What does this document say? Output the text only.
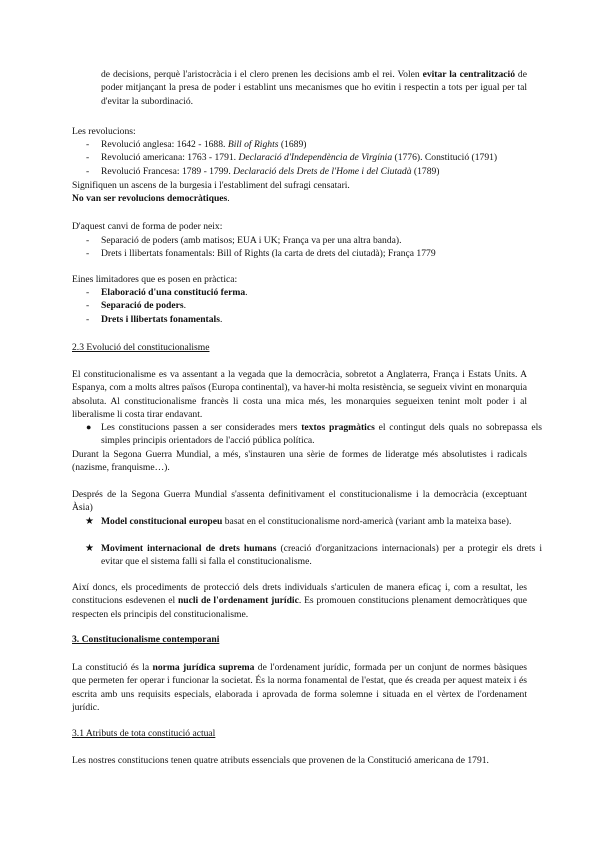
de decisions, perquè l'aristocràcia i el clero prenen les decisions amb el rei. Volen evitar la centralització de poder mitjançant la presa de poder i establint uns mecanismes que ho evitin i respectin a tots per igual per tal d'evitar la subordinació.

Les revolucions:

- Revolució anglesa: 1642 - 1688. Bill of Rights (1689)
- Revolució americana: 1763 - 1791. Declaració d'Independència de Virgínia (1776). Constitució (1791)
- Revolució Francesa: 1789 - 1799. Declaració dels Drets de l'Home i del Ciutadà (1789)

Signifiquen un ascens de la burgesia i l'establiment del sufragi censatari.

No van ser revolucions democràtiques.

D'aquest canvi de forma de poder neix:

- Separació de poders (amb matisos; EUA i UK; França va per una altra banda).
- Drets i llibertats fonamentals: Bill of Rights (la carta de drets del ciutadà); França 1779

Eines limitadores que es posen en pràctica:

- Elaboració d'una constitució ferma.
- Separació de poders.
- Drets i llibertats fonamentals.

2.3 Evolució del constitucionalisme

El constitucionalisme es va assentant a la vegada que la democràcia, sobretot a Anglaterra, França i Estats Units. A Espanya, com a molts altres països (Europa continental), va haver-hi molta resistència, se segueix vivint en monarquia absoluta. Al constitucionalisme francès li costa una mica més, les monarquies segueixen tenint molt poder i al liberalisme li costa tirar endavant.

● Les constitucions passen a ser considerades mers textos pragmàtics el contingut dels quals no sobrepassa els simples principis orientadors de l'acció pública política.

Durant la Segona Guerra Mundial, a més, s'instauren una sèrie de formes de lideratge més absolutistes i radicals (nazisme, franquisme…).

Després de la Segona Guerra Mundial s'assenta definitivament el constitucionalisme i la democràcia (exceptuant Àsia)

★ Model constitucional europeu basat en el constitucionalisme nord-americà (variant amb la mateixa base).

★ Moviment internacional de drets humans (creació d'organitzacions internacionals) per a protegir els drets i evitar que el sistema falli si falla el constitucionalisme.

Així doncs, els procediments de protecció dels drets individuals s'articulen de manera eficaç i, com a resultat, les constitucions esdevenen el nucli de l'ordenament jurídic. Es promouen constitucions plenament democràtiques que respecten els principis del constitucionalisme.

3. Constitucionalisme contemporani

La constitució és la norma jurídica suprema de l'ordenament jurídic, formada per un conjunt de normes bàsiques que permeten fer operar i funcionar la societat. És la norma fonamental de l'estat, que és creada per aquest mateix i és escrita amb uns requisits especials, elaborada i aprovada de forma solemne i situada en el vèrtex de l'ordenament jurídic.

3.1 Atributs de tota constitució actual

Les nostres constitucions tenen quatre atributs essencials que provenen de la Constitució americana de 1791.
